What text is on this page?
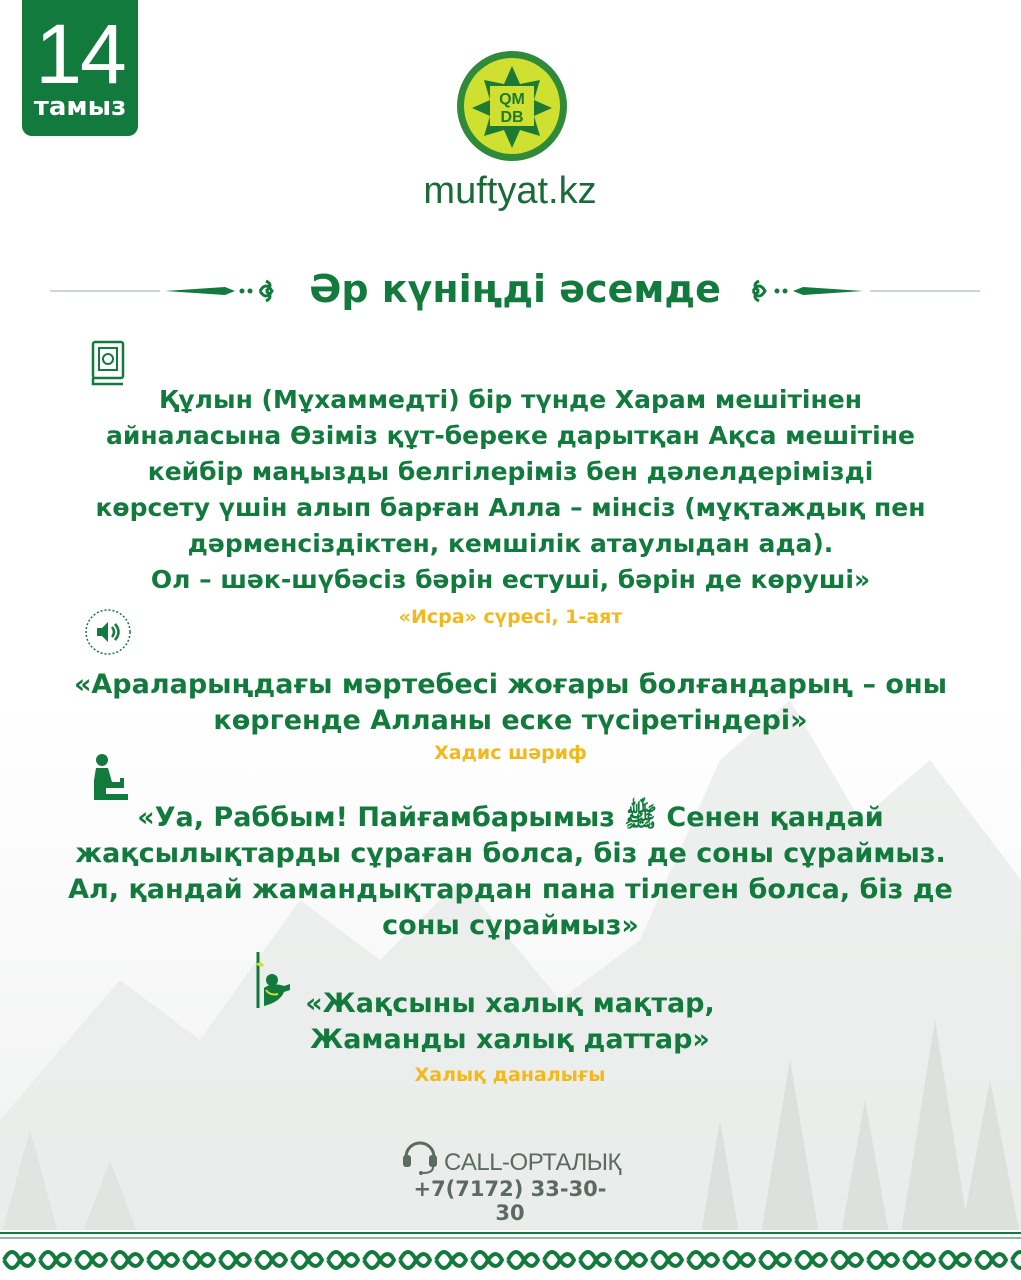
14
тамыз	QM
DB
muftyat.kz
Әр күніңді әсемде
Құлын (Мұхаммедті) бір түнде Харам мешітінен
айналасына Өзіміз құт-береке дарытқан Ақса мешітіне
кейбір маңызды белгілеріміз бен дәлелдерімізді
көрсету үшін алып барған Алла – мінсіз (мұқтаждық пен
дәрменсіздіктен, кемшілік атаулыдан ада).
Ол – шәк-шүбәсіз бәрін естуші, бәрін де көруші»
«Исра» сүресі, 1-аят
«Араларыңдағы мәртебесі жоғары болғандарың – оны
көргенде Алланы еске түсіретіндері»
Хадис шәриф
«Уа, Раббым! Пайғамбарымыз ﷺ Сенен қандай
жақсылықтарды сұраған болса, біз де соны сұраймыз.
Ал, қандай жамандықтардан пана тілеген болса, біз де
соны сұраймыз»
«Жақсыны халық мақтар,
Жаманды халық даттар»
Халық даналығы
CALL-ОРТАЛЫҚ
+7(7172) 33-30-30
